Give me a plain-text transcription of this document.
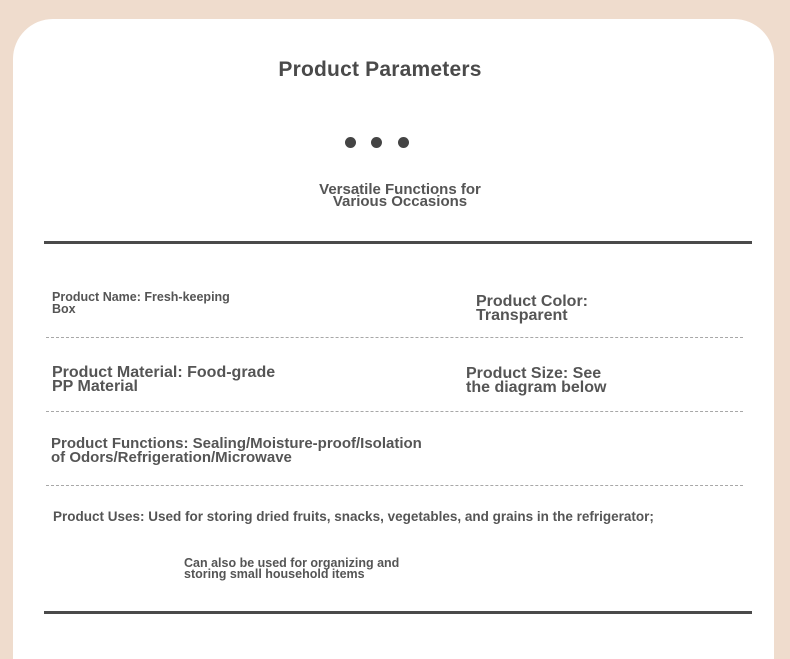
Product Parameters
Versatile Functions for
Various Occasions
Product Name: Fresh-keeping
Box	Product Color:
Transparent
Product Material: Food-grade
PP Material
Product Size: See
the diagram below
Product Functions: Sealing/Moisture-proof/Isolation
of Odors/Refrigeration/Microwave
Product Uses: Used for storing dried fruits, snacks, vegetables, and grains in the refrigerator;
Can also be used for organizing and
storing small household items
